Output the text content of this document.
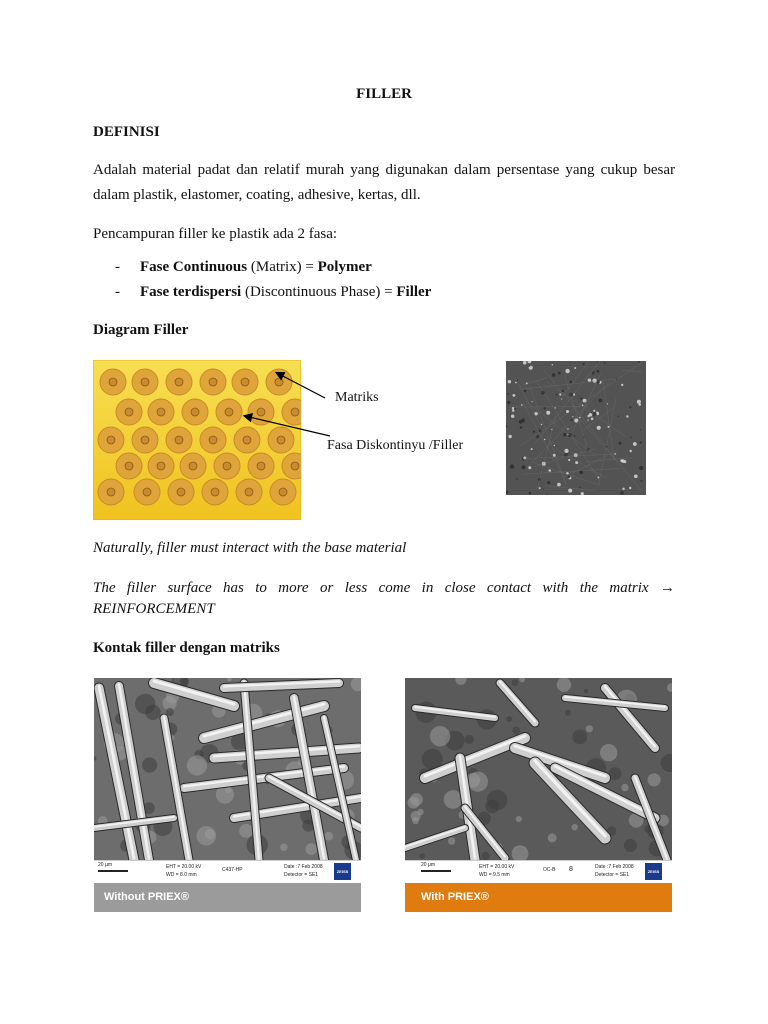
FILLER
DEFINISI
Adalah material padat dan relatif murah yang digunakan dalam persentase yang cukup besar dalam plastik, elastomer, coating, adhesive, kertas, dll.
Pencampuran filler ke plastik ada 2 fasa:
- Fase Continuous (Matrix) = Polymer
- Fase terdispersi (Discontinuous Phase) = Filler
Diagram Filler
Matriks
Fasa Diskontinyu /Filler
Naturally, filler must interact with the base material
The filler surface has to more or less come in close contact with the matrix →
REINFORCEMENT
Kontak filler dengan matriks
20 µm	EHT = 20.00 kV
WD = 8.0 mm
C437-HP	Date :7 Feb 2008
Detector = SE1
ZEISS
Without PRIEX®
20 µm	EHT = 20.00 kV
WD = 9.5 mm
OC-B 8	Date :7 Feb 2008
Detector = SE1
ZEISS
With PRIEX®
